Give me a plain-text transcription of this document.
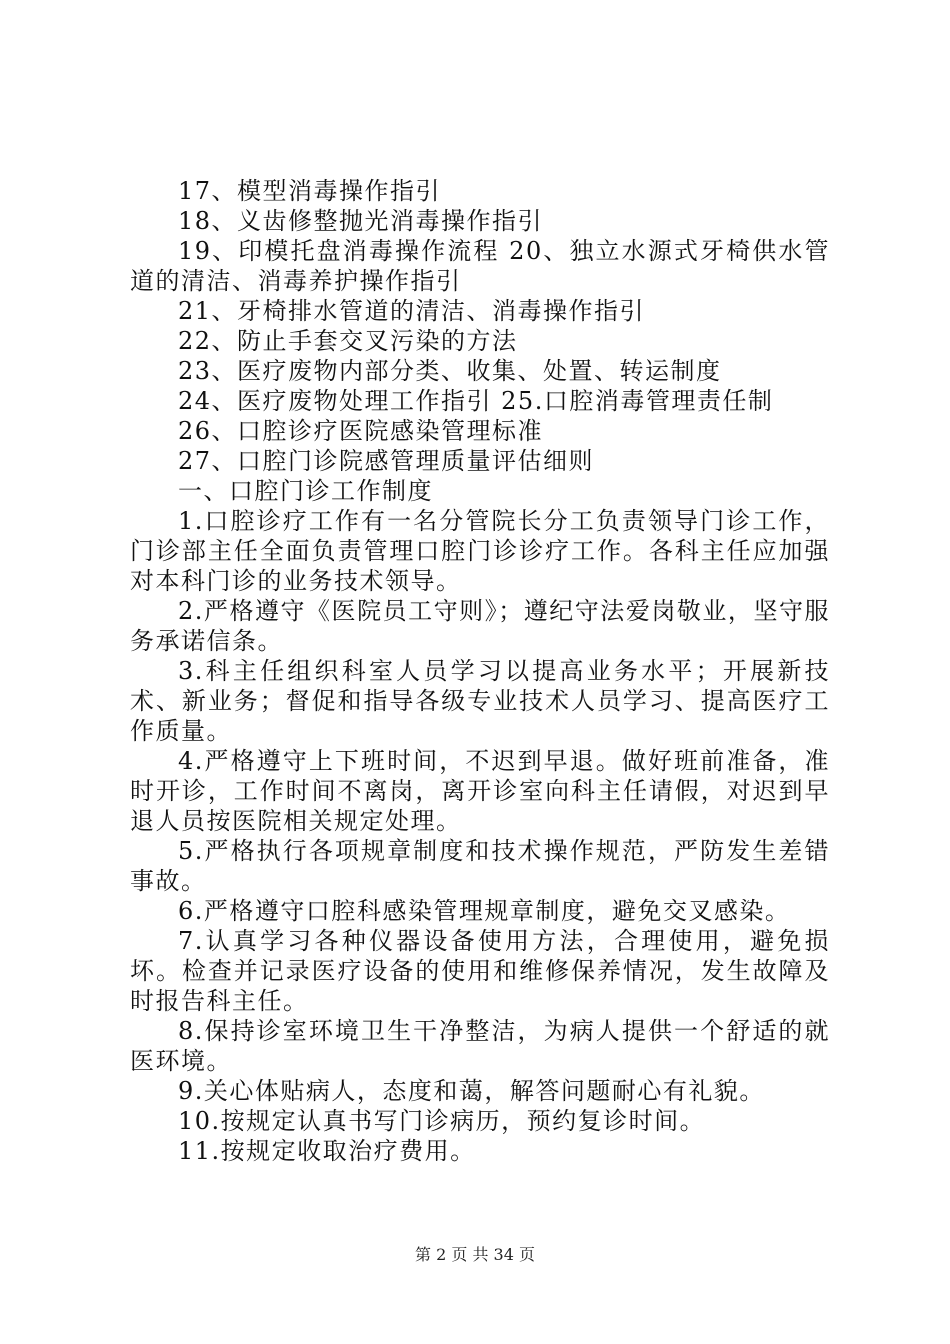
17、模型消毒操作指引

18、义齿修整抛光消毒操作指引

19、印模托盘消毒操作流程 20、独立水源式牙椅供水管道的清洁、消毒养护操作指引

21、牙椅排水管道的清洁、消毒操作指引

22、防止手套交叉污染的方法

23、医疗废物内部分类、收集、处置、转运制度

24、医疗废物处理工作指引 25.口腔消毒管理责任制

26、口腔诊疗医院感染管理标准

27、口腔门诊院感管理质量评估细则

一、口腔门诊工作制度

1.口腔诊疗工作有一名分管院长分工负责领导门诊工作，门诊部主任全面负责管理口腔门诊诊疗工作。各科主任应加强对本科门诊的业务技术领导。

2.严格遵守《医院员工守则》；遵纪守法爱岗敬业，坚守服务承诺信条。

3.科主任组织科室人员学习以提高业务水平；开展新技术、新业务；督促和指导各级专业技术人员学习、提高医疗工作质量。

4.严格遵守上下班时间，不迟到早退。做好班前准备，准时开诊，工作时间不离岗，离开诊室向科主任请假，对迟到早退人员按医院相关规定处理。

5.严格执行各项规章制度和技术操作规范，严防发生差错事故。

6.严格遵守口腔科感染管理规章制度，避免交叉感染。

7.认真学习各种仪器设备使用方法，合理使用，避免损坏。检查并记录医疗设备的使用和维修保养情况，发生故障及时报告科主任。

8.保持诊室环境卫生干净整洁，为病人提供一个舒适的就医环境。

9.关心体贴病人，态度和蔼，解答问题耐心有礼貌。

10.按规定认真书写门诊病历，预约复诊时间。

11.按规定收取治疗费用。

第 2 页 共 34 页
